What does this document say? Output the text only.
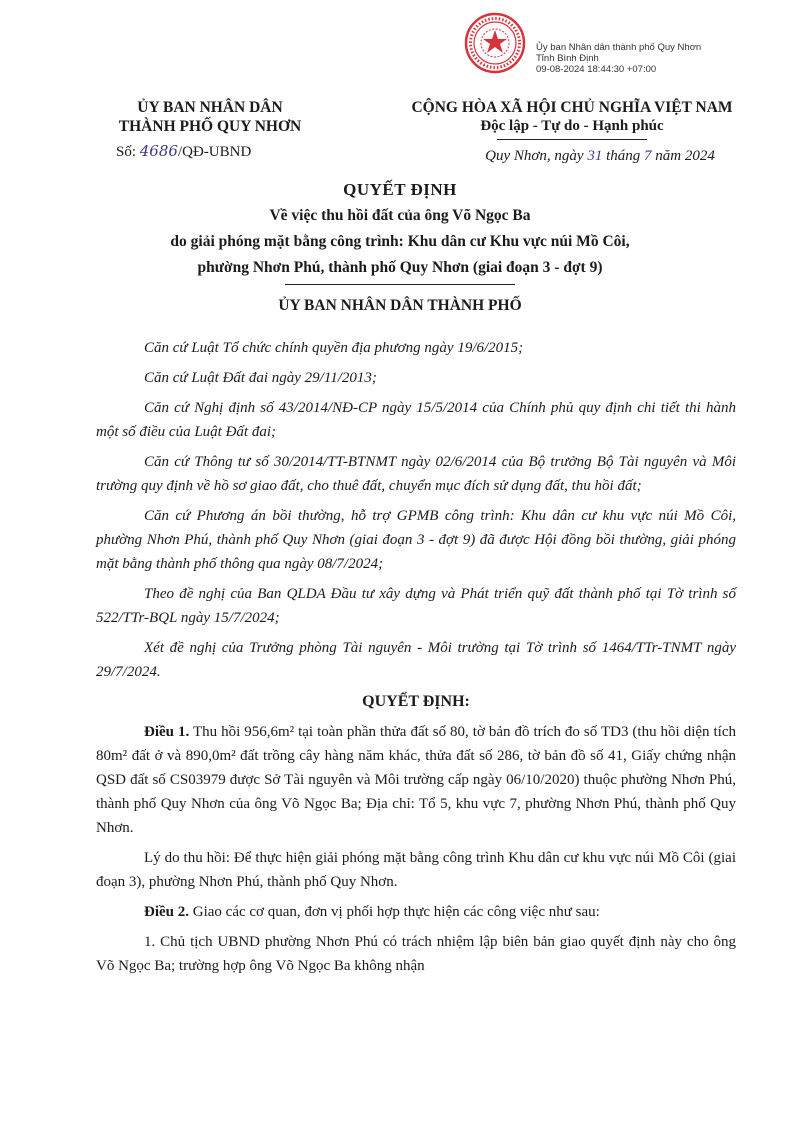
Ủy ban Nhân dân thành phố Quy Nhơn
Tỉnh Bình Định
09-08-2024 18:44:30 +07:00
ỦY BAN NHÂN DÂN
THÀNH PHỐ QUY NHƠN
Số: 4686/QĐ-UBND
CỘNG HÒA XÃ HỘI CHỦ NGHĨA VIỆT NAM
Độc lập - Tự do - Hạnh phúc
Quy Nhơn, ngày 31 tháng 7 năm 2024
QUYẾT ĐỊNH
Về việc thu hồi đất của ông Võ Ngọc Ba
do giải phóng mặt bằng công trình: Khu dân cư Khu vực núi Mồ Côi,
phường Nhơn Phú, thành phố Quy Nhơn (giai đoạn 3 - đợt 9)
ỦY BAN NHÂN DÂN THÀNH PHỐ

Căn cứ Luật Tổ chức chính quyền địa phương ngày 19/6/2015;

Căn cứ Luật Đất đai ngày 29/11/2013;

Căn cứ Nghị định số 43/2014/NĐ-CP ngày 15/5/2014 của Chính phủ quy định chi tiết thi hành một số điều của Luật Đất đai;

Căn cứ Thông tư số 30/2014/TT-BTNMT ngày 02/6/2014 của Bộ trưởng Bộ Tài nguyên và Môi trường quy định về hồ sơ giao đất, cho thuê đất, chuyển mục đích sử dụng đất, thu hồi đất;

Căn cứ Phương án bồi thường, hỗ trợ GPMB công trình: Khu dân cư khu vực núi Mồ Côi, phường Nhơn Phú, thành phố Quy Nhơn (giai đoạn 3 - đợt 9) đã được Hội đồng bồi thường, giải phóng mặt bằng thành phố thông qua ngày 08/7/2024;

Theo đề nghị của Ban QLDA Đầu tư xây dựng và Phát triển quỹ đất thành phố tại Tờ trình số 522/TTr-BQL ngày 15/7/2024;

Xét đề nghị của Trưởng phòng Tài nguyên - Môi trường tại Tờ trình số 1464/TTr-TNMT ngày 29/7/2024.

QUYẾT ĐỊNH:

Điều 1. Thu hồi 956,6m² tại toàn phần thửa đất số 80, tờ bản đồ trích đo số TD3 (thu hồi diện tích 80m² đất ở và 890,0m² đất trồng cây hàng năm khác, thửa đất số 286, tờ bản đồ số 41, Giấy chứng nhận QSD đất số CS03979 được Sở Tài nguyên và Môi trường cấp ngày 06/10/2020) thuộc phường Nhơn Phú, thành phố Quy Nhơn của ông Võ Ngọc Ba; Địa chỉ: Tổ 5, khu vực 7, phường Nhơn Phú, thành phố Quy Nhơn.

Lý do thu hồi: Để thực hiện giải phóng mặt bằng công trình Khu dân cư khu vực núi Mồ Côi (giai đoạn 3), phường Nhơn Phú, thành phố Quy Nhơn.

Điều 2. Giao các cơ quan, đơn vị phối hợp thực hiện các công việc như sau:

1. Chủ tịch UBND phường Nhơn Phú có trách nhiệm lập biên bản giao quyết định này cho ông Võ Ngọc Ba; trường hợp ông Võ Ngọc Ba không nhận
